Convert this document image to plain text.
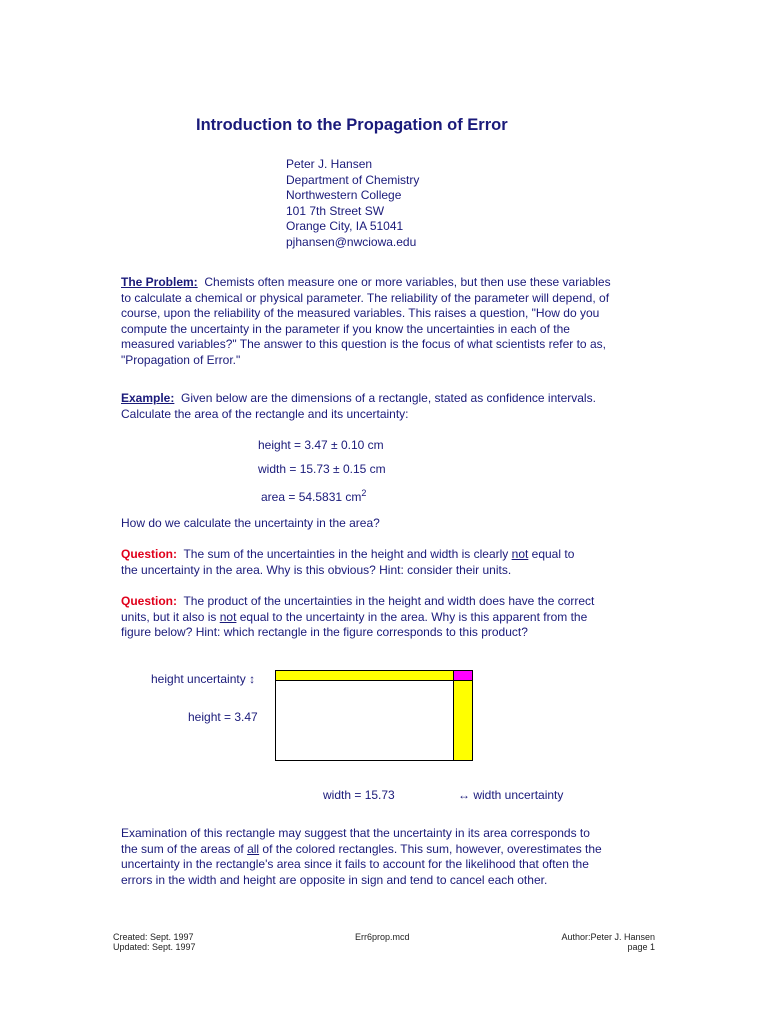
Introduction to the Propagation of Error
Peter J. Hansen
Department of Chemistry
Northwestern College
101 7th Street SW
Orange City, IA 51041
pjhansen@nwciowa.edu
The Problem: Chemists often measure one or more variables, but then use these variables
to calculate a chemical or physical parameter. The reliability of the parameter will depend, of
course, upon the reliability of the measured variables. This raises a question, "How do you
compute the uncertainty in the parameter if you know the uncertainties in each of the
measured variables?" The answer to this question is the focus of what scientists refer to as,
"Propagation of Error."
Example: Given below are the dimensions of a rectangle, stated as confidence intervals.
Calculate the area of the rectangle and its uncertainty:
height = 3.47 ± 0.10 cm
width = 15.73 ± 0.15 cm
area = 54.5831 $cm^2$
How do we calculate the uncertainty in the area?
Question: The sum of the uncertainties in the height and width is clearly not equal to
the uncertainty in the area. Why is this obvious? Hint: consider their units.
Question: The product of the uncertainties in the height and width does have the correct
units, but it also is not equal to the uncertainty in the area. Why is this apparent from the
figure below? Hint: which rectangle in the figure corresponds to this product?
height uncertainty ↕
height = 3.47
width = 15.73	↔ width uncertainty
Examination of this rectangle may suggest that the uncertainty in its area corresponds to
the sum of the areas of all of the colored rectangles. This sum, however, overestimates the
uncertainty in the rectangle's area since it fails to account for the likelihood that often the
errors in the width and height are opposite in sign and tend to cancel each other.
Created: Sept. 1997
Updated: Sept. 1997
Err6prop.mcd	Author:Peter J. Hansen
page 1
